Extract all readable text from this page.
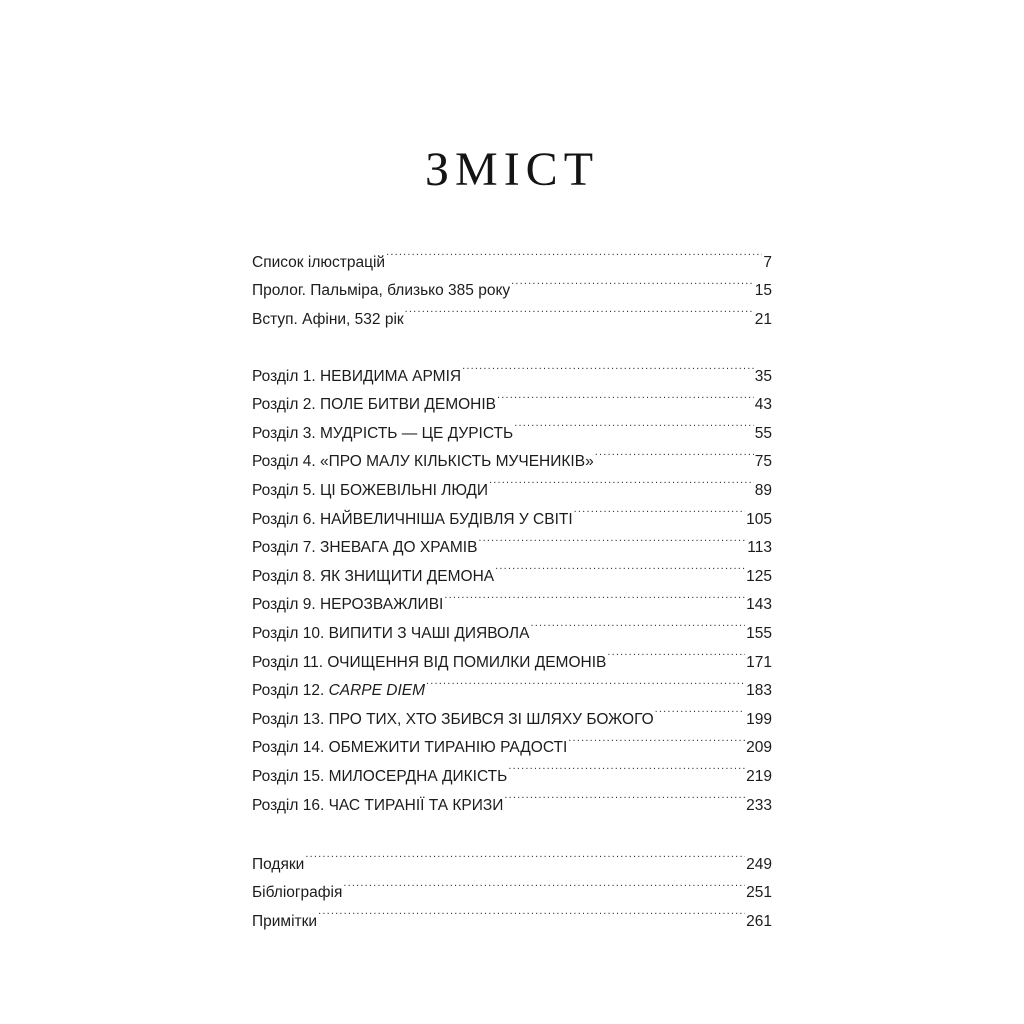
ЗМІСТ
Список ілюстрацій .....	7
Пролог. Пальміра, близько 385 року .....	15
Вступ. Афіни, 532 рік .....	21
Розділ 1. НЕВИДИМА АРМІЯ .....	35
Розділ 2. ПОЛЕ БИТВИ ДЕМОНІВ .....	43
Розділ 3. МУДРІСТЬ — ЦЕ ДУРІСТЬ .....	55
Розділ 4. «ПРО МАЛУ КІЛЬКІСТЬ МУЧЕНИКІВ» .....	75
Розділ 5. ЦІ БОЖЕВІЛЬНІ ЛЮДИ .....	89
Розділ 6. НАЙВЕЛИЧНІША БУДІВЛЯ У СВІТІ .....	105
Розділ 7. ЗНЕВАГА ДО ХРАМІВ .....	113
Розділ 8. ЯК ЗНИЩИТИ ДЕМОНА .....	125
Розділ 9. НЕРОЗВАЖЛИВІ .....	143
Розділ 10. ВИПИТИ З ЧАШІ ДИЯВОЛА .....	155
Розділ 11. ОЧИЩЕННЯ ВІД ПОМИЛКИ ДЕМОНІВ .....	171
Розділ 12. CARPE DIEM .....	183
Розділ 13. ПРО ТИХ, ХТО ЗБИВСЯ ЗІ ШЛЯХУ БОЖОГО .....	199
Розділ 14. ОБМЕЖИТИ ТИРАНІЮ РАДОСТІ .....	209
Розділ 15. МИЛОСЕРДНА ДИКІСТЬ .....	219
Розділ 16. ЧАС ТИРАНІЇ ТА КРИЗИ .....	233
Подяки .....	249
Бібліографія .....	251
Примітки .....	261
